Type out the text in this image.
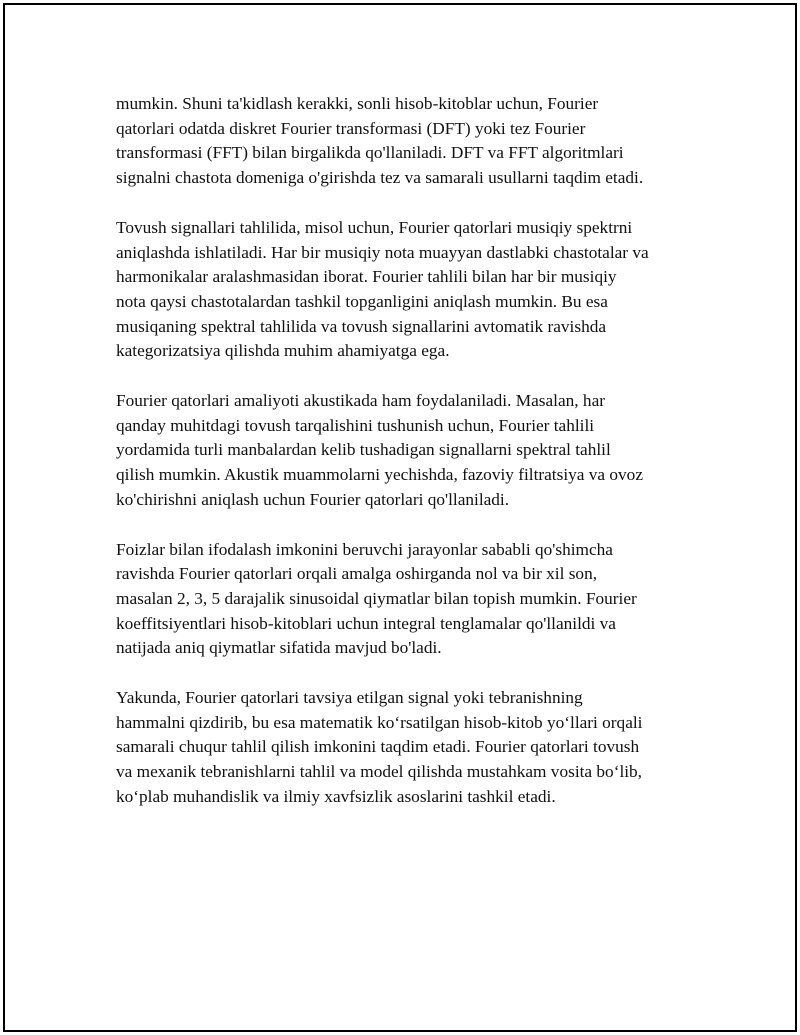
mumkin. Shuni ta'kidlash kerakki, sonli hisob-kitoblar uchun, Fourier
qatorlari odatda diskret Fourier transformasi (DFT) yoki tez Fourier
transformasi (FFT) bilan birgalikda qo'llaniladi. DFT va FFT algoritmlari
signalni chastota domeniga o'girishda tez va samarali usullarni taqdim etadi.

Tovush signallari tahlilida, misol uchun, Fourier qatorlari musiqiy spektrni
aniqlashda ishlatiladi. Har bir musiqiy nota muayyan dastlabki chastotalar va
harmonikalar aralashmasidan iborat. Fourier tahlili bilan har bir musiqiy
nota qaysi chastotalardan tashkil topganligini aniqlash mumkin. Bu esa
musiqaning spektral tahlilida va tovush signallarini avtomatik ravishda
kategorizatsiya qilishda muhim ahamiyatga ega.

Fourier qatorlari amaliyoti akustikada ham foydalaniladi. Masalan, har
qanday muhitdagi tovush tarqalishini tushunish uchun, Fourier tahlili
yordamida turli manbalardan kelib tushadigan signallarni spektral tahlil
qilish mumkin. Akustik muammolarni yechishda, fazoviy filtratsiya va ovoz
ko'chirishni aniqlash uchun Fourier qatorlari qo'llaniladi.

Foizlar bilan ifodalash imkonini beruvchi jarayonlar sababli qo'shimcha
ravishda Fourier qatorlari orqali amalga oshirganda nol va bir xil son,
masalan 2, 3, 5 darajalik sinusoidal qiymatlar bilan topish mumkin. Fourier
koeffitsiyentlari hisob-kitoblari uchun integral tenglamalar qo'llanildi va
natijada aniq qiymatlar sifatida mavjud bo'ladi.

Yakunda, Fourier qatorlari tavsiya etilgan signal yoki tebranishning
hammalni qizdirib, bu esa matematik ko‘rsatilgan hisob-kitob yo‘llari orqali
samarali chuqur tahlil qilish imkonini taqdim etadi. Fourier qatorlari tovush
va mexanik tebranishlarni tahlil va model qilishda mustahkam vosita bo‘lib,
ko‘plab muhandislik va ilmiy xavfsizlik asoslarini tashkil etadi.
